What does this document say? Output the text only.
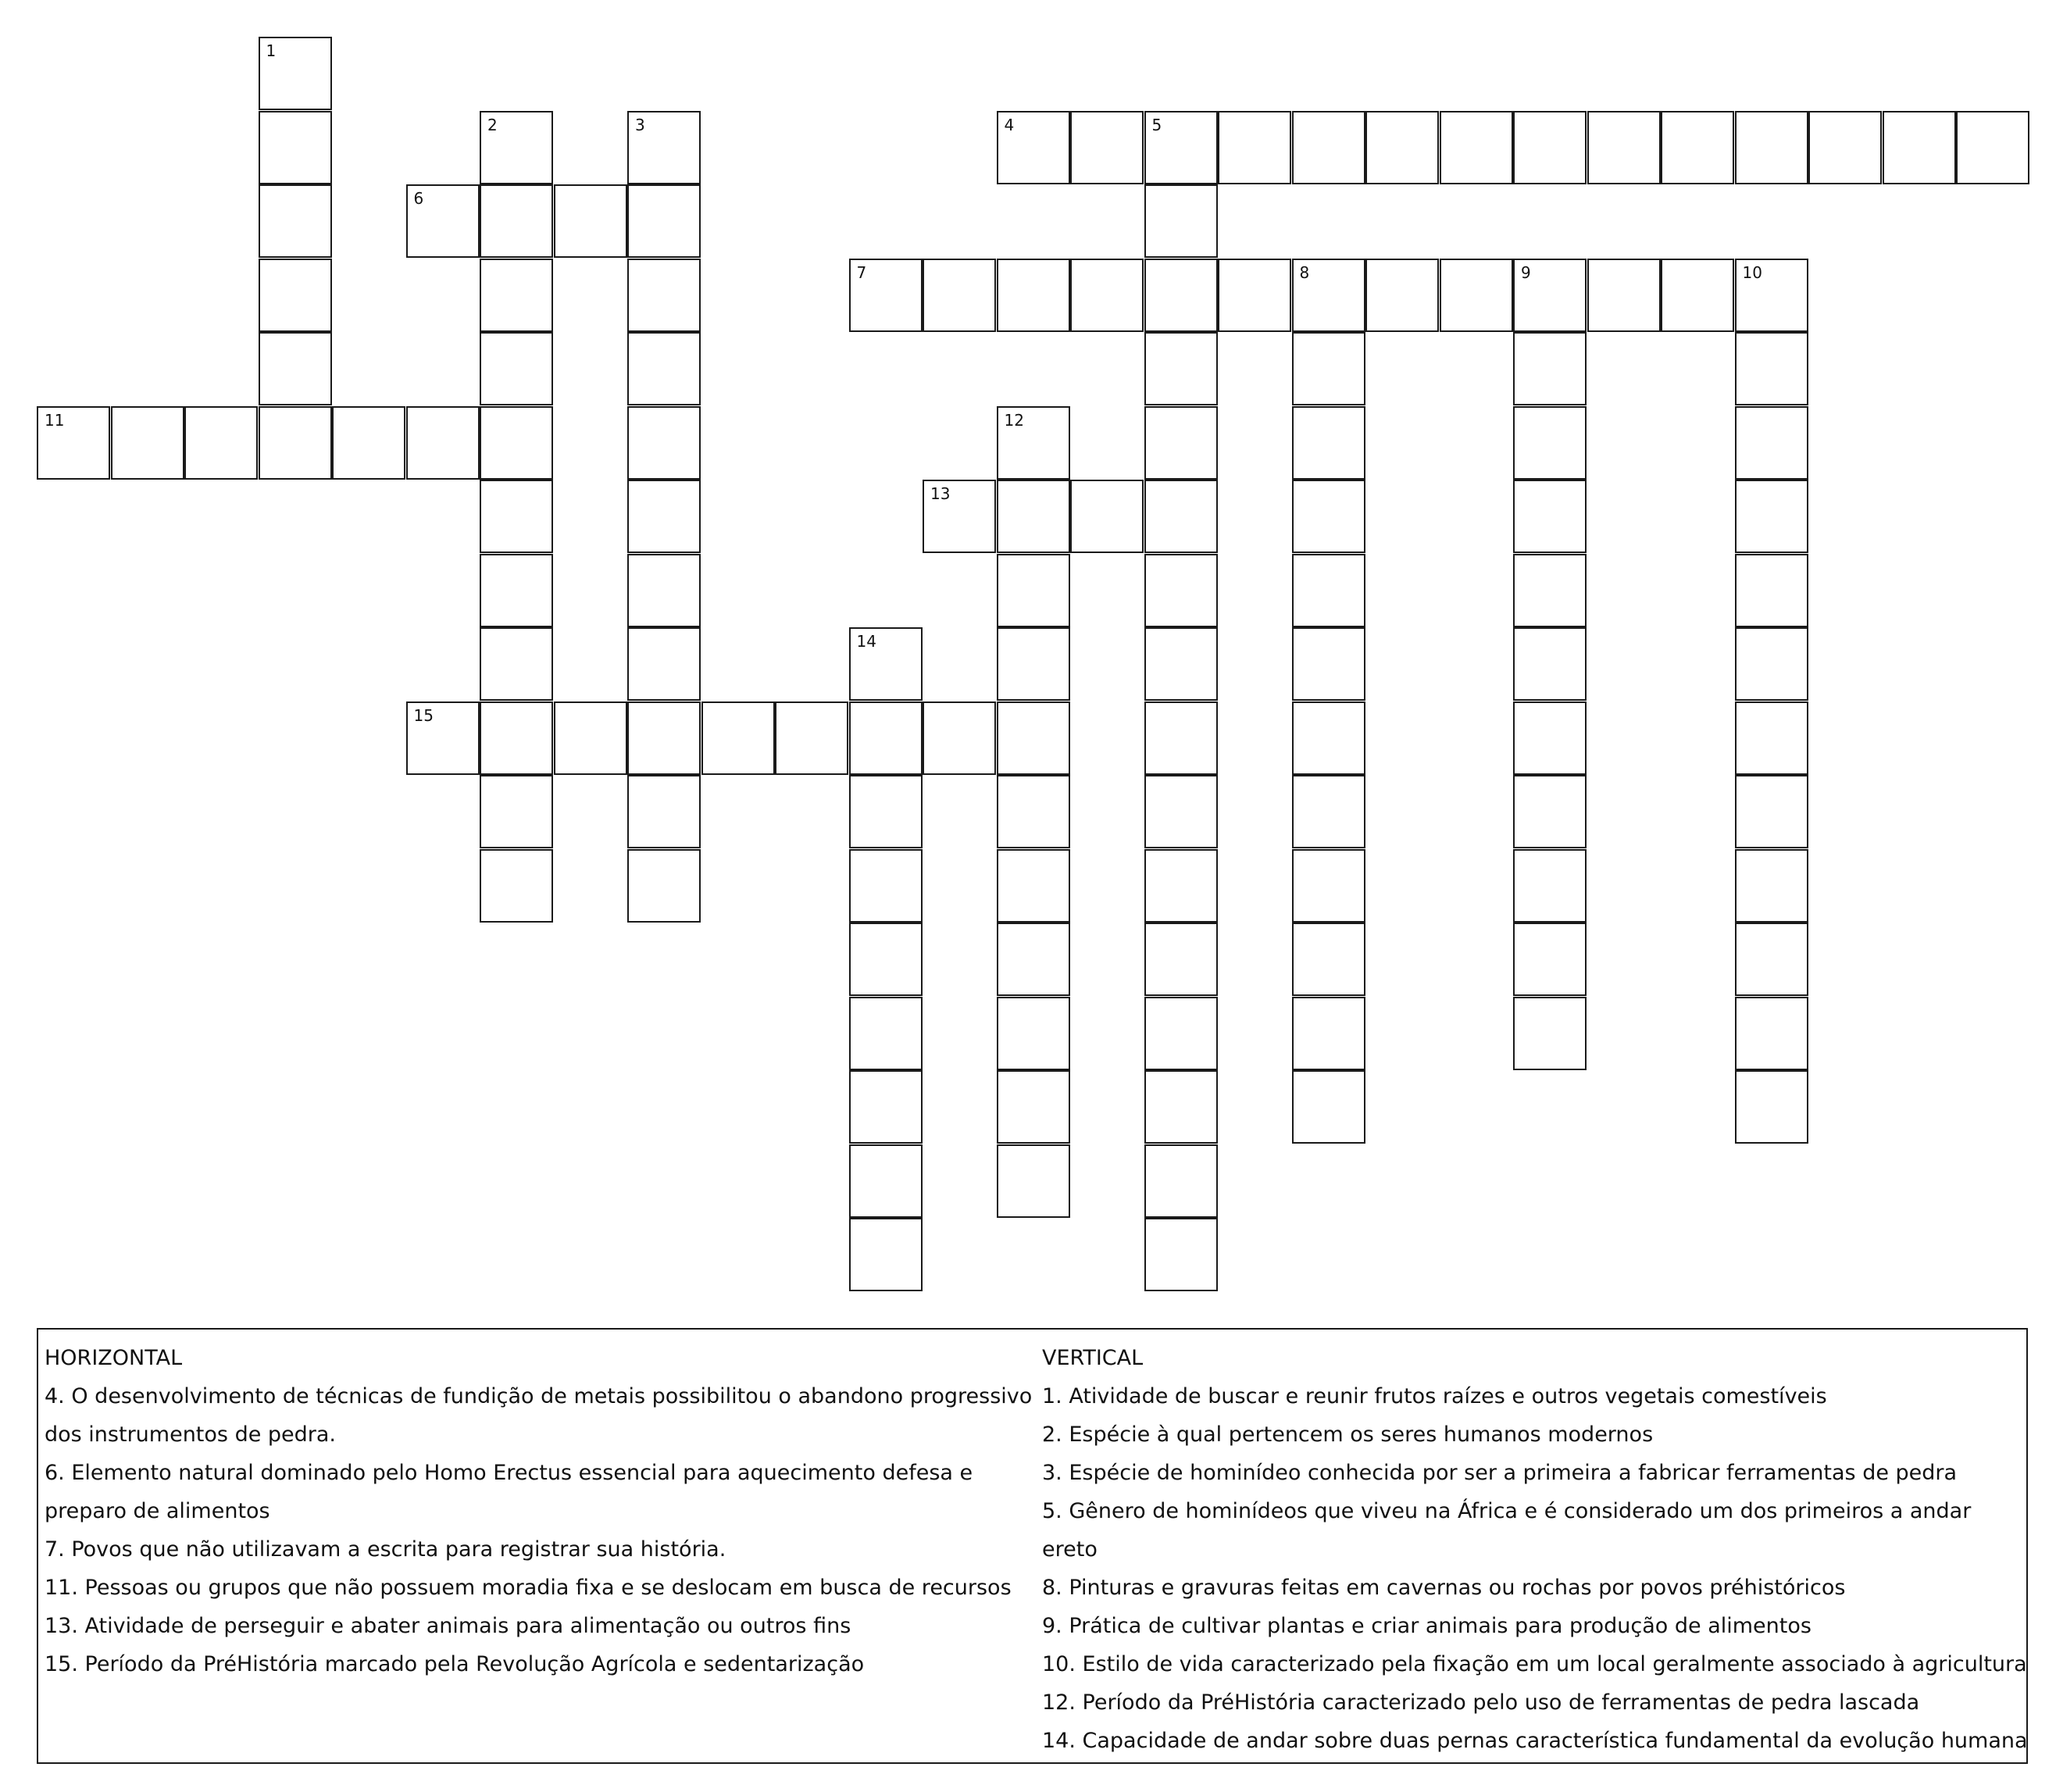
1
2	3	4	5
6
7	8	9	10
11	12
13
14
15

HORIZONTAL

4. O desenvolvimento de técnicas de fundição de metais possibilitou o abandono progressivo dos instrumentos de pedra.

6. Elemento natural dominado pelo Homo Erectus essencial para aquecimento defesa e preparo de alimentos

7. Povos que não utilizavam a escrita para registrar sua história.

11. Pessoas ou grupos que não possuem moradia fixa e se deslocam em busca de recursos

13. Atividade de perseguir e abater animais para alimentação ou outros fins

15. Período da PréHistória marcado pela Revolução Agrícola e sedentarização

VERTICAL

1. Atividade de buscar e reunir frutos raízes e outros vegetais comestíveis

2. Espécie à qual pertencem os seres humanos modernos

3. Espécie de hominídeo conhecida por ser a primeira a fabricar ferramentas de pedra

5. Gênero de hominídeos que viveu na África e é considerado um dos primeiros a andar ereto

8. Pinturas e gravuras feitas em cavernas ou rochas por povos préhistóricos

9. Prática de cultivar plantas e criar animais para produção de alimentos

10. Estilo de vida caracterizado pela fixação em um local geralmente associado à agricultura

12. Período da PréHistória caracterizado pelo uso de ferramentas de pedra lascada

14. Capacidade de andar sobre duas pernas característica fundamental da evolução humana
